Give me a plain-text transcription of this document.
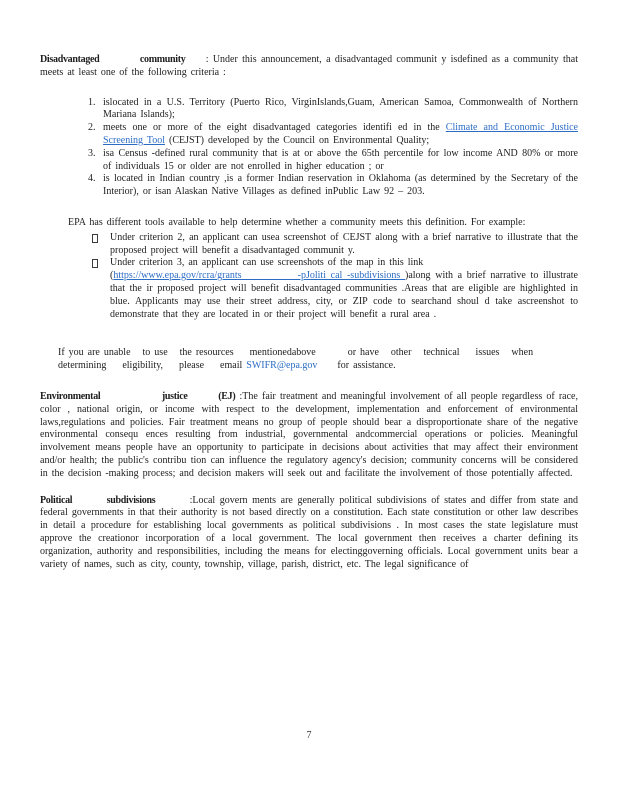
Disadvantaged          community     : Under this announcement, a disadvantaged communit y isdefined as a community that meets at least one of the following criteria :

1. islocated in a U.S. Territory (Puerto Rico, VirginIslands,Guam, American Samoa, Commonwealth of Northern Mariana Islands);
2. meets one or more of the eight disadvantaged categories identifi ed in the Climate and Economic Justice Screening Tool (CEJST) developed by the Council on Environmental Quality;
3. isa Census -defined rural community that is at or above the 65th percentile for low income AND 80% or more of individuals 15 or older are not enrolled in higher education ; or
4. is located in Indian country ,is a former Indian reservation in Oklahoma (as determined by the Secretary of the Interior), or isan Alaskan Native Villages as defined inPublic Law 92 – 203.

EPA has different tools available to help determine whether a community meets this definition. For example:

Under criterion 2, an applicant can usea screenshot of CEJST along with a brief narrative to illustrate that the proposed project will benefit a disadvantaged communit y.
Under criterion 3, an applicant can use screenshots of the map in this link
(https://www.epa.gov/rcra/grants            -pJoliti cal -subdivisions )along with a brief narrative to illustrate that the ir proposed project will benefit disadvantaged communities .Areas that are eligible are highlighted in blue. Applicants may use their street address, city, or ZIP code to searchand shoul d take ascreenshot to demonstrate that they are located in or their project will benefit a rural area .

If you are unable   to use   the resources    mentionedabove        or have   other   technical    issues   when
determining    eligibility,    please    email SWIFR@epa.gov     for assistance.

Environmental                justice        (EJ) :The fair treatment and meaningful involvement of all people regardless of race, color , national origin, or income with respect to the development, implementation and enforcement of environmental laws,regulations and policies. Fair treatment means no group of people should bear a disproportionate share of the negative environmental consequ ences resulting from industrial, governmental andcommercial operations or policies. Meaningful involvement means people have an opportunity to participate in decisions about activities that may affect their environment and/or health; the public's contribu tion can influence the regulatory agency's decision; community concerns will be considered in the decision -making process; and decision makers will seek out and facilitate the involvement of those potentially affected.

Political        subdivisions        :Local govern ments are generally political subdivisions of states and differ from state and federal governments in that their authority is not based directly on a constitution. Each state constitution or other law describes in detail a procedure for establishing local governments as political subdivisions . In most cases the state legislature must approve the creationor incorporation of a local government. The local government then receives a charter defining its organization, authority and responsibilities, including the means for electinggoverning officials. Local government units bear a variety of names, such as city, county, township, village, parish, district, etc. The legal significance of

7
